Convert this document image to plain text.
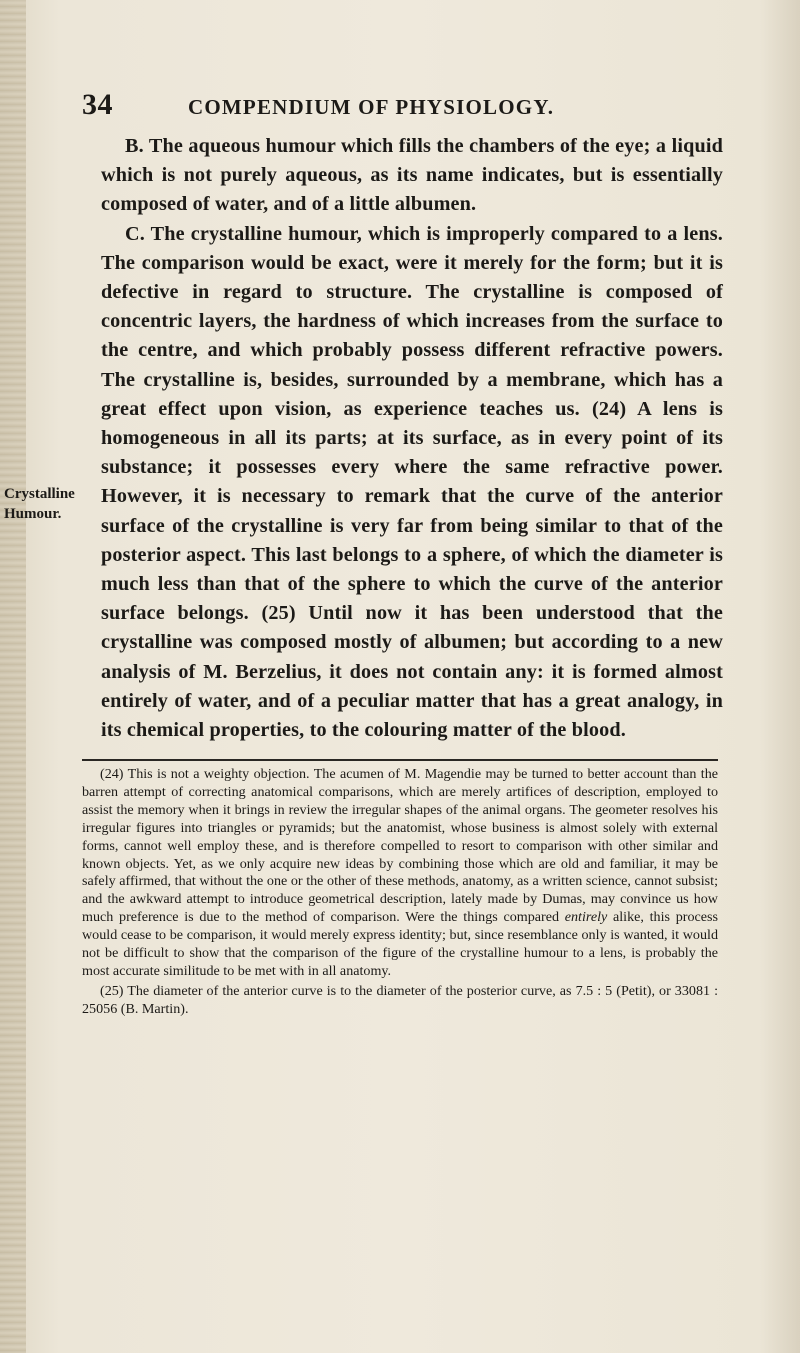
34	COMPENDIUM OF PHYSIOLOGY.
Crystalline
Humour.

B. The aqueous humour which fills the chambers of the eye; a liquid which is not purely aqueous, as its name indicates, but is essentially composed of water, and of a little albumen.

C. The crystalline humour, which is improperly compared to a lens. The comparison would be exact, were it merely for the form; but it is defective in regard to structure. The crystalline is composed of concentric layers, the hardness of which increases from the surface to the centre, and which probably possess different refractive powers. The crystalline is, besides, surrounded by a membrane, which has a great effect upon vision, as experience teaches us. (24) A lens is homogeneous in all its parts; at its surface, as in every point of its substance; it possesses every where the same refractive power. However, it is necessary to remark that the curve of the anterior surface of the crystalline is very far from being similar to that of the posterior aspect. This last belongs to a sphere, of which the diameter is much less than that of the sphere to which the curve of the anterior surface belongs. (25) Until now it has been understood that the crystalline was composed mostly of albumen; but according to a new analysis of M. Berzelius, it does not contain any: it is formed almost entirely of water, and of a peculiar matter that has a great analogy, in its chemical properties, to the colouring matter of the blood.

(24) This is not a weighty objection. The acumen of M. Magendie may be turned to better account than the barren attempt of correcting anatomical comparisons, which are merely artifices of description, employed to assist the memory when it brings in review the irregular shapes of the animal organs. The geometer resolves his irregular figures into triangles or pyramids; but the anatomist, whose business is almost solely with external forms, cannot well employ these, and is therefore compelled to resort to comparison with other similar and known objects. Yet, as we only acquire new ideas by combining those which are old and familiar, it may be safely affirmed, that without the one or the other of these methods, anatomy, as a written science, cannot subsist; and the awkward attempt to introduce geometrical description, lately made by Dumas, may convince us how much preference is due to the method of comparison. Were the things compared entirely alike, this process would cease to be comparison, it would merely express identity; but, since resemblance only is wanted, it would not be difficult to show that the comparison of the figure of the crystalline humour to a lens, is probably the most accurate similitude to be met with in all anatomy.

(25) The diameter of the anterior curve is to the diameter of the posterior curve, as 7.5 : 5 (Petit), or 33081 : 25056 (B. Martin).
